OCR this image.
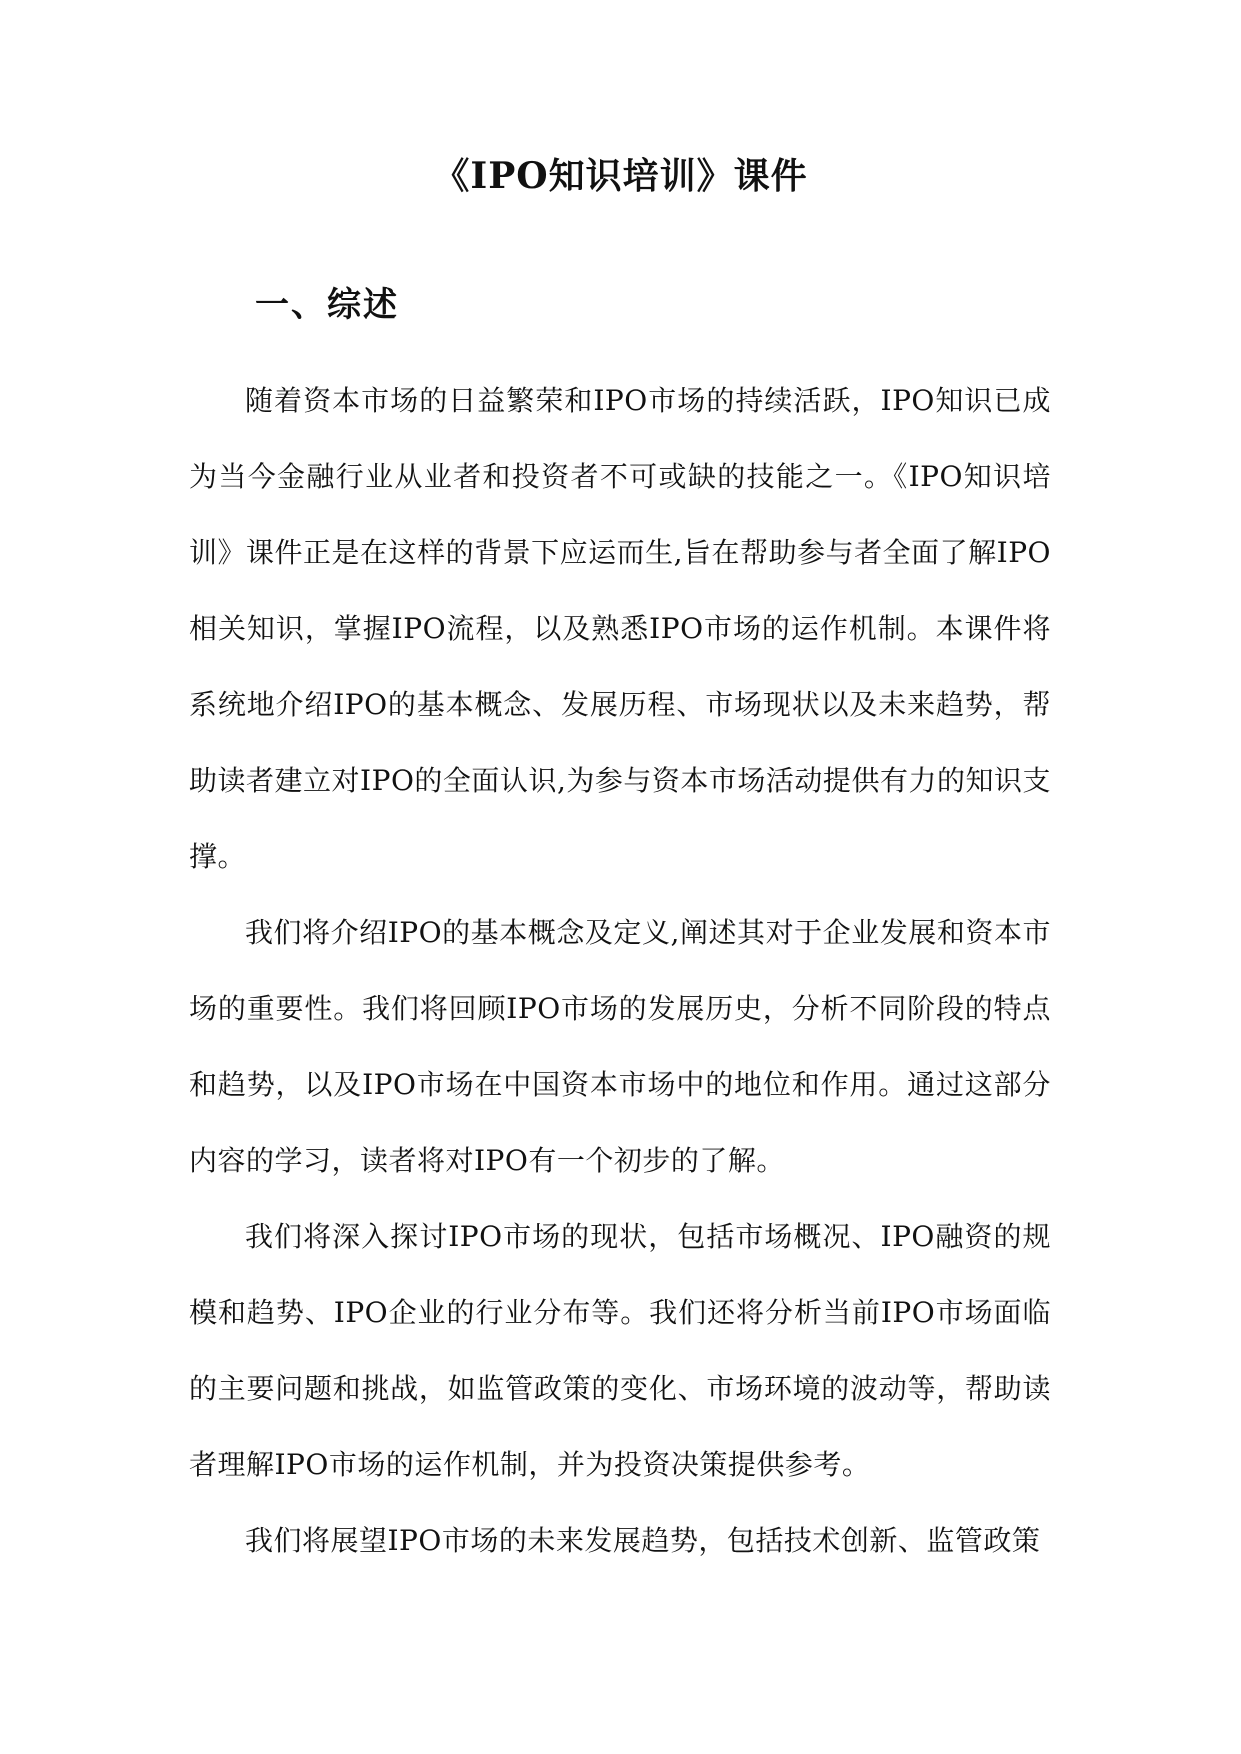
《IPO知识培训》课件
一、综述

随着资本市场的日益繁荣和IPO市场的持续活跃，IPO知识已成为当今金融行业从业者和投资者不可或缺的技能之一。《IPO知识培训》课件正是在这样的背景下应运而生,旨在帮助参与者全面了解IPO相关知识，掌握IPO流程，以及熟悉IPO市场的运作机制。本课件将系统地介绍IPO的基本概念、发展历程、市场现状以及未来趋势，帮助读者建立对IPO的全面认识,为参与资本市场活动提供有力的知识支撑。

我们将介绍IPO的基本概念及定义,阐述其对于企业发展和资本市场的重要性。我们将回顾IPO市场的发展历史，分析不同阶段的特点和趋势，以及IPO市场在中国资本市场中的地位和作用。通过这部分内容的学习，读者将对IPO有一个初步的了解。

我们将深入探讨IPO市场的现状，包括市场概况、IPO融资的规模和趋势、IPO企业的行业分布等。我们还将分析当前IPO市场面临的主要问题和挑战，如监管政策的变化、市场环境的波动等，帮助读者理解IPO市场的运作机制，并为投资决策提供参考。

我们将展望IPO市场的未来发展趋势，包括技术创新、监管政策
